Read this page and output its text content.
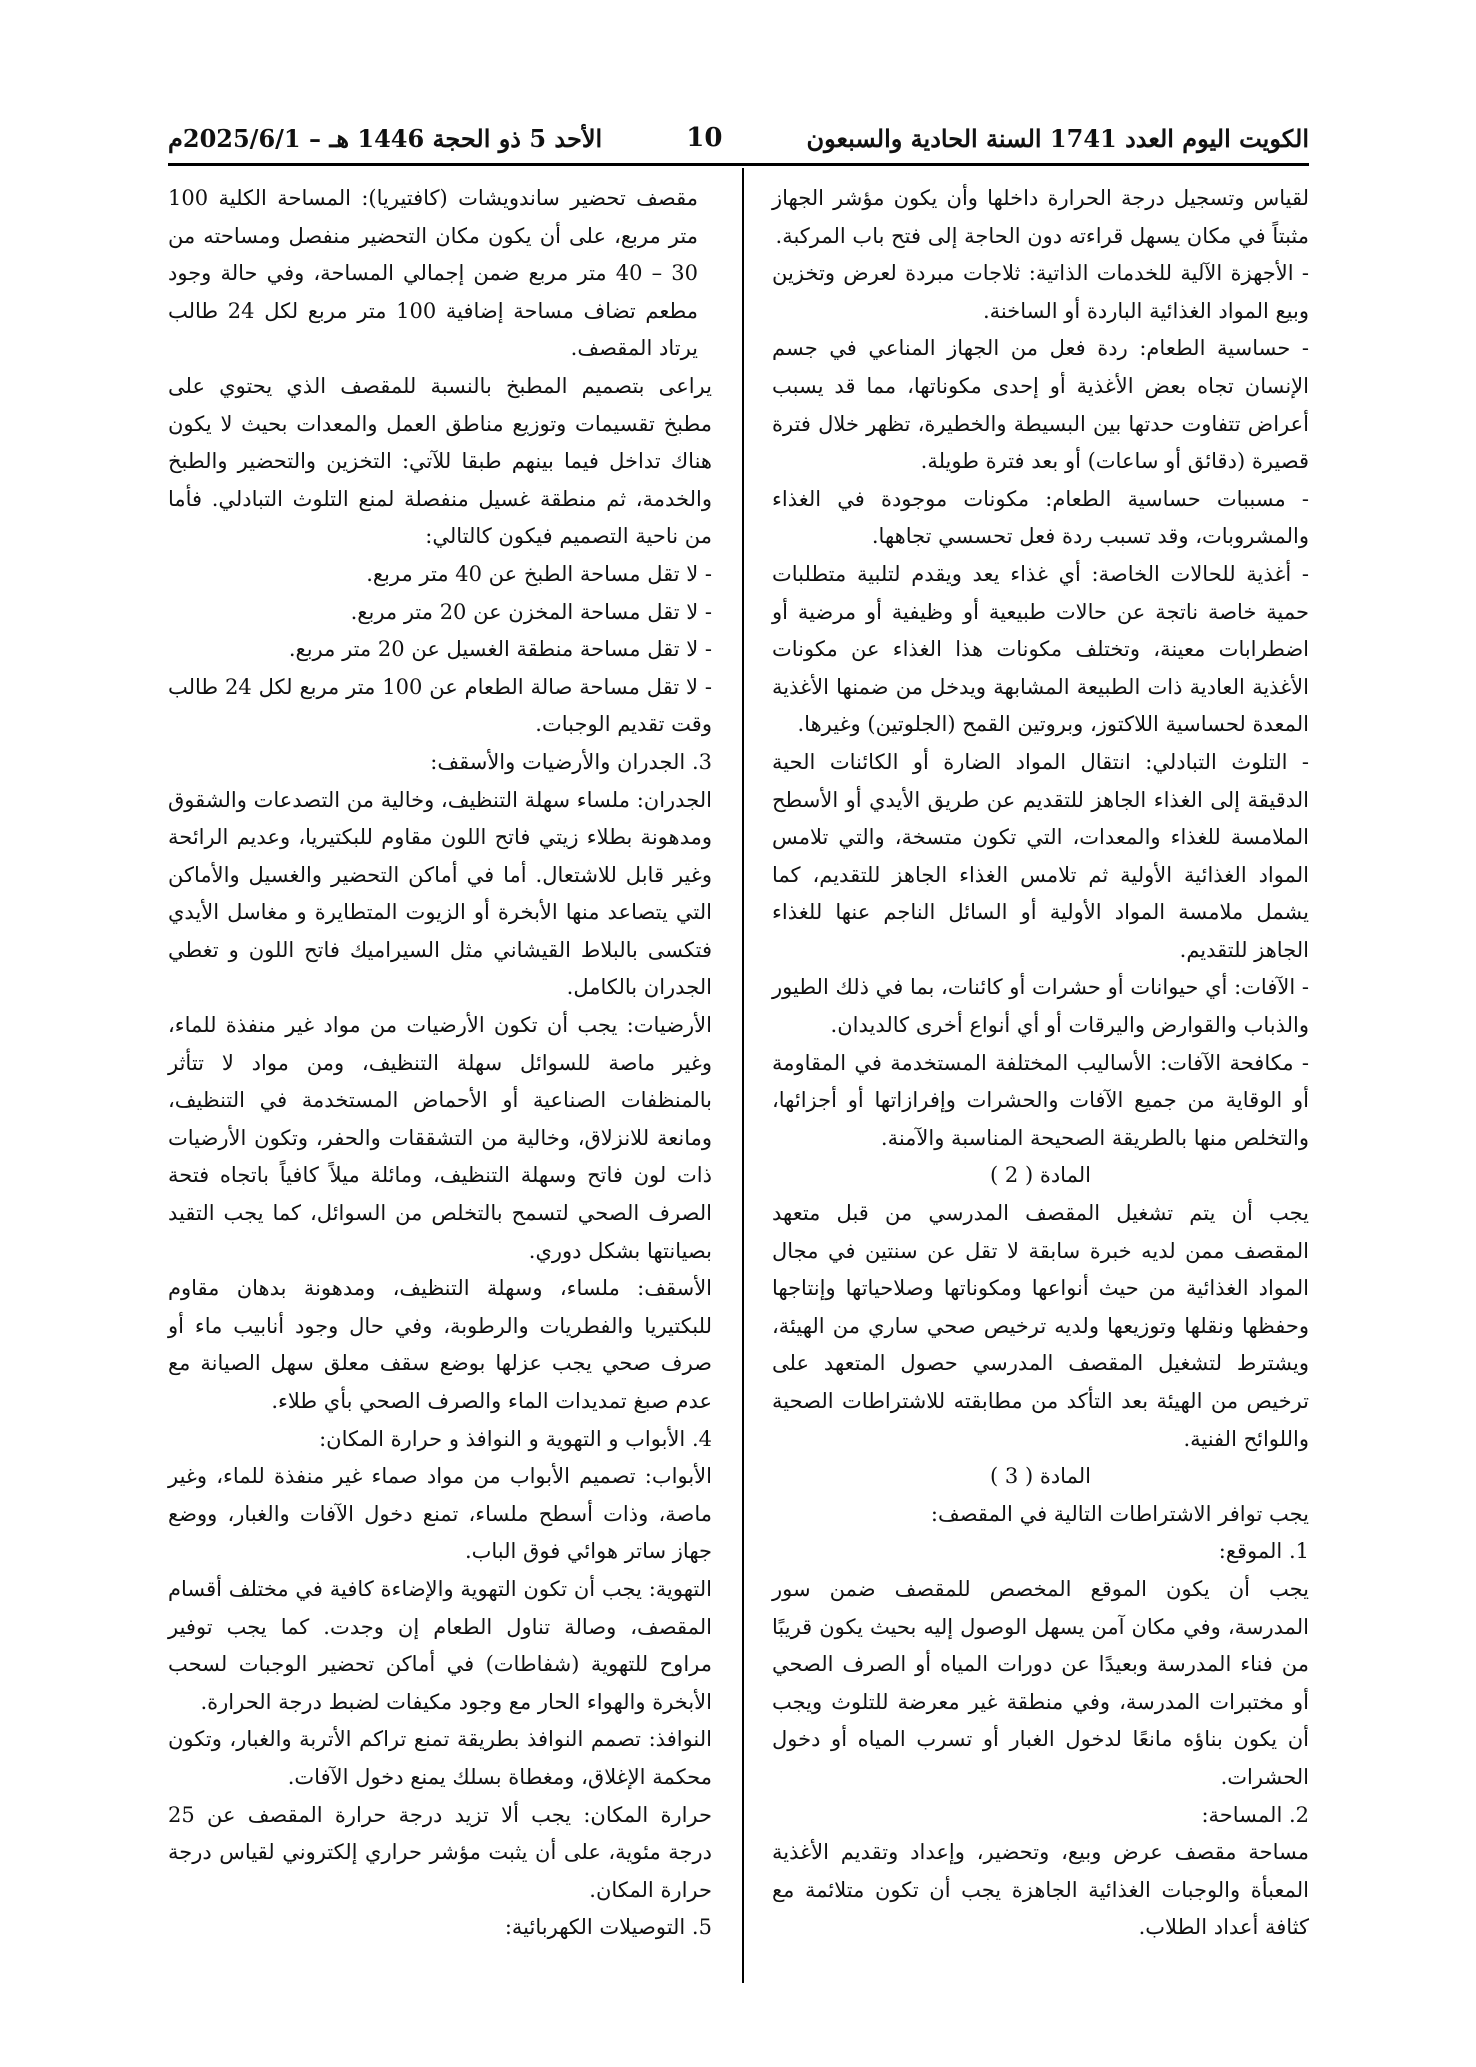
الكويت اليوم العدد 1741 السنة الحادية والسبعون
10
الأحد 5 ذو الحجة 1446 هـ – 2025/6/1م

لقياس وتسجيل درجة الحرارة داخلها وأن يكون مؤشر الجهاز مثبتاً في مكان يسهل قراءته دون الحاجة إلى فتح باب المركبة.

- الأجهزة الآلية للخدمات الذاتية: ثلاجات مبردة لعرض وتخزين وبيع المواد الغذائية الباردة أو الساخنة.

- حساسية الطعام: ردة فعل من الجهاز المناعي في جسم الإنسان تجاه بعض الأغذية أو إحدى مكوناتها، مما قد يسبب أعراض تتفاوت حدتها بين البسيطة والخطيرة، تظهر خلال فترة قصيرة (دقائق أو ساعات) أو بعد فترة طويلة.

- مسببات حساسية الطعام: مكونات موجودة في الغذاء والمشروبات، وقد تسبب ردة فعل تحسسي تجاهها.

- أغذية للحالات الخاصة: أي غذاء يعد ويقدم لتلبية متطلبات حمية خاصة ناتجة عن حالات طبيعية أو وظيفية أو مرضية أو اضطرابات معينة، وتختلف مكونات هذا الغذاء عن مكونات الأغذية العادية ذات الطبيعة المشابهة ويدخل من ضمنها الأغذية المعدة لحساسية اللاكتوز، وبروتين القمح (الجلوتين) وغيرها.

- التلوث التبادلي: انتقال المواد الضارة أو الكائنات الحية الدقيقة إلى الغذاء الجاهز للتقديم عن طريق الأيدي أو الأسطح الملامسة للغذاء والمعدات، التي تكون متسخة، والتي تلامس المواد الغذائية الأولية ثم تلامس الغذاء الجاهز للتقديم، كما يشمل ملامسة المواد الأولية أو السائل الناجم عنها للغذاء الجاهز للتقديم.

- الآفات: أي حيوانات أو حشرات أو كائنات، بما في ذلك الطيور والذباب والقوارض واليرقات أو أي أنواع أخرى كالديدان.

- مكافحة الآفات: الأساليب المختلفة المستخدمة في المقاومة أو الوقاية من جميع الآفات والحشرات وإفرازاتها أو أجزائها، والتخلص منها بالطريقة الصحيحة المناسبة والآمنة.

المادة ( 2 )

يجب أن يتم تشغيل المقصف المدرسي من قبل متعهد المقصف ممن لديه خبرة سابقة لا تقل عن سنتين في مجال المواد الغذائية من حيث أنواعها ومكوناتها وصلاحياتها وإنتاجها وحفظها ونقلها وتوزيعها ولديه ترخيص صحي ساري من الهيئة، ويشترط لتشغيل المقصف المدرسي حصول المتعهد على ترخيص من الهيئة بعد التأكد من مطابقته للاشتراطات الصحية واللوائح الفنية.

المادة ( 3 )

يجب توافر الاشتراطات التالية في المقصف:

1. الموقع:

يجب أن يكون الموقع المخصص للمقصف ضمن سور المدرسة، وفي مكان آمن يسهل الوصول إليه بحيث يكون قريبًا من فناء المدرسة وبعيدًا عن دورات المياه أو الصرف الصحي أو مختبرات المدرسة، وفي منطقة غير معرضة للتلوث ويجب أن يكون بناؤه مانعًا لدخول الغبار أو تسرب المياه أو دخول الحشرات.

2. المساحة:

مساحة مقصف عرض وبيع، وتحضير، وإعداد وتقديم الأغذية المعبأة والوجبات الغذائية الجاهزة يجب أن تكون متلائمة مع كثافة أعداد الطلاب.

مقصف تحضير ساندويشات (كافتيريا): المساحة الكلية 100 متر مربع، على أن يكون مكان التحضير منفصل ومساحته من 30 – 40 متر مربع ضمن إجمالي المساحة، وفي حالة وجود مطعم تضاف مساحة إضافية 100 متر مربع لكل 24 طالب يرتاد المقصف.

يراعى بتصميم المطبخ بالنسبة للمقصف الذي يحتوي على مطبخ تقسيمات وتوزيع مناطق العمل والمعدات بحيث لا يكون هناك تداخل فيما بينهم طبقا للآتي: التخزين والتحضير والطبخ والخدمة، ثم منطقة غسيل منفصلة لمنع التلوث التبادلي. فأما من ناحية التصميم فيكون كالتالي:

- لا تقل مساحة الطبخ عن 40 متر مربع.

- لا تقل مساحة المخزن عن 20 متر مربع.

- لا تقل مساحة منطقة الغسيل عن 20 متر مربع.

- لا تقل مساحة صالة الطعام عن 100 متر مربع لكل 24 طالب وقت تقديم الوجبات.

3. الجدران والأرضيات والأسقف:

الجدران: ملساء سهلة التنظيف، وخالية من التصدعات والشقوق ومدهونة بطلاء زيتي فاتح اللون مقاوم للبكتيريا، وعديم الرائحة وغير قابل للاشتعال. أما في أماكن التحضير والغسيل والأماكن التي يتصاعد منها الأبخرة أو الزيوت المتطايرة و مغاسل الأيدي فتكسى بالبلاط القيشاني مثل السيراميك فاتح اللون و تغطي الجدران بالكامل.

الأرضيات: يجب أن تكون الأرضيات من مواد غير منفذة للماء، وغير ماصة للسوائل سهلة التنظيف، ومن مواد لا تتأثر بالمنظفات الصناعية أو الأحماض المستخدمة في التنظيف، ومانعة للانزلاق، وخالية من التشققات والحفر، وتكون الأرضيات ذات لون فاتح وسهلة التنظيف، ومائلة ميلاً كافياً باتجاه فتحة الصرف الصحي لتسمح بالتخلص من السوائل، كما يجب التقيد بصيانتها بشكل دوري.

الأسقف: ملساء، وسهلة التنظيف، ومدهونة بدهان مقاوم للبكتيريا والفطريات والرطوبة، وفي حال وجود أنابيب ماء أو صرف صحي يجب عزلها بوضع سقف معلق سهل الصيانة مع عدم صبغ تمديدات الماء والصرف الصحي بأي طلاء.

4. الأبواب و التهوية و النوافذ و حرارة المكان:

الأبواب: تصميم الأبواب من مواد صماء غير منفذة للماء، وغير ماصة، وذات أسطح ملساء، تمنع دخول الآفات والغبار، ووضع جهاز ساتر هوائي فوق الباب.

التهوية: يجب أن تكون التهوية والإضاءة كافية في مختلف أقسام المقصف، وصالة تناول الطعام إن وجدت. كما يجب توفير مراوح للتهوية (شفاطات) في أماكن تحضير الوجبات لسحب الأبخرة والهواء الحار مع وجود مكيفات لضبط درجة الحرارة.

النوافذ: تصمم النوافذ بطريقة تمنع تراكم الأتربة والغبار، وتكون محكمة الإغلاق، ومغطاة بسلك يمنع دخول الآفات.

حرارة المكان: يجب ألا تزيد درجة حرارة المقصف عن 25 درجة مئوية، على أن يثبت مؤشر حراري إلكتروني لقياس درجة حرارة المكان.

5. التوصيلات الكهربائية:
